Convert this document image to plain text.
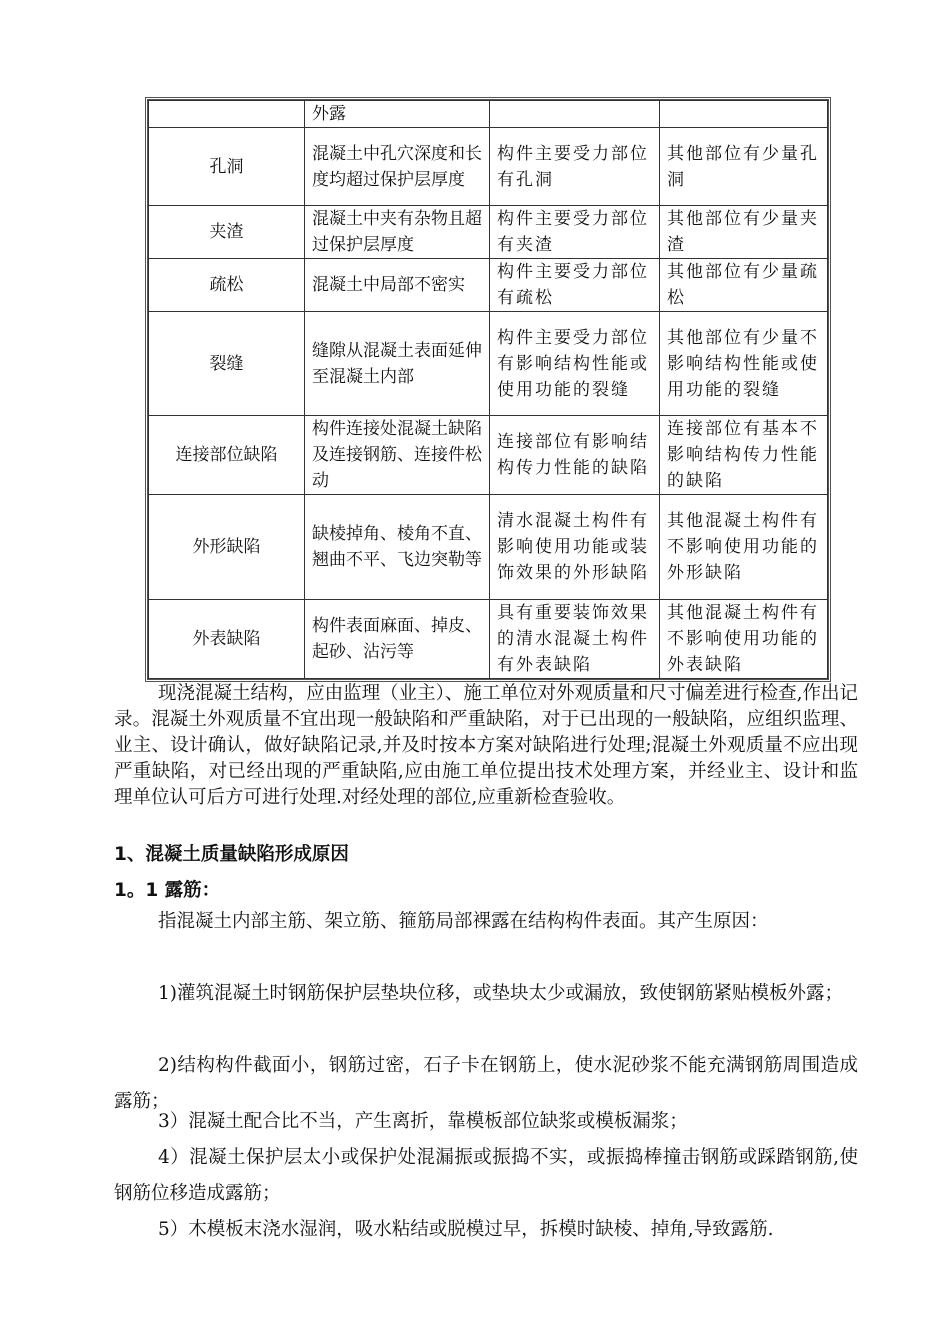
	外露		
孔洞	混凝土中孔穴深度和长度均超过保护层厚度	构件主要受力部位有孔洞	其他部位有少量孔洞
夹渣	混凝土中夹有杂物且超过保护层厚度	构件主要受力部位有夹渣	其他部位有少量夹渣
疏松	混凝土中局部不密实	构件主要受力部位有疏松	其他部位有少量疏松
裂缝	缝隙从混凝土表面延伸至混凝土内部	构件主要受力部位有影响结构性能或使用功能的裂缝	其他部位有少量不影响结构性能或使用功能的裂缝
连接部位缺陷	构件连接处混凝土缺陷及连接钢筋、连接件松动	连接部位有影响结构传力性能的缺陷	连接部位有基本不影响结构传力性能的缺陷
外形缺陷	缺棱掉角、棱角不直、翘曲不平、飞边突勒等	清水混凝土构件有影响使用功能或装饰效果的外形缺陷	其他混凝土构件有不影响使用功能的外形缺陷
外表缺陷	构件表面麻面、掉皮、起砂、沾污等	具有重要装饰效果的清水混凝土构件有外表缺陷	其他混凝土构件有不影响使用功能的外表缺陷

现浇混凝土结构，应由监理（业主）、施工单位对外观质量和尺寸偏差进行检查,作出记录。混凝土外观质量不宜出现一般缺陷和严重缺陷，对于已出现的一般缺陷，应组织监理、业主、设计确认，做好缺陷记录,并及时按本方案对缺陷进行处理;混凝土外观质量不应出现严重缺陷，对已经出现的严重缺陷,应由施工单位提出技术处理方案，并经业主、设计和监理单位认可后方可进行处理.对经处理的部位,应重新检查验收。

1、混凝土质量缺陷形成原因
1。1 露筋：

指混凝土内部主筋、架立筋、箍筋局部裸露在结构构件表面。其产生原因：

1)灌筑混凝土时钢筋保护层垫块位移，或垫块太少或漏放，致使钢筋紧贴模板外露；

2)结构构件截面小，钢筋过密，石子卡在钢筋上，使水泥砂浆不能充满钢筋周围造成露筋；

3）混凝土配合比不当，产生离折，靠模板部位缺浆或模板漏浆；

4）混凝土保护层太小或保护处混漏振或振捣不实，或振捣棒撞击钢筋或踩踏钢筋,使钢筋位移造成露筋；

5）木模板末浇水湿润，吸水粘结或脱模过早，拆模时缺棱、掉角,导致露筋.
